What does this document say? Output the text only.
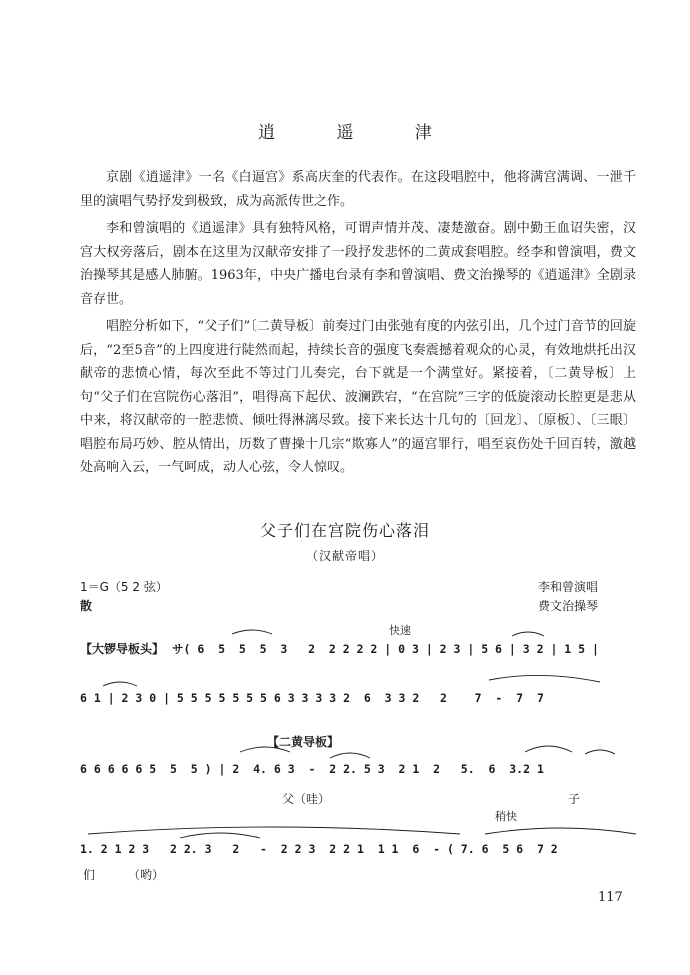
逍 遥 津

京剧《逍遥津》一名《白逼宫》系高庆奎的代表作。在这段唱腔中，他将满宫满调、一泄千里的演唱气势抒发到极致，成为高派传世之作。

李和曾演唱的《逍遥津》具有独特风格，可谓声情并茂、凄楚激奋。剧中勤王血诏失密，汉宫大权旁落后，剧本在这里为汉献帝安排了一段抒发悲怀的二黄成套唱腔。经李和曾演唱，费文治操琴其是感人肺腑。1963年，中央广播电台录有李和曾演唱、费文治操琴的《逍遥津》全剧录音存世。

唱腔分析如下，“父子们”〔二黄导板〕前奏过门由张弛有度的内弦引出，几个过门音节的回旋后，“2至5音”的上四度进行陡然而起，持续长音的强度飞奏震撼着观众的心灵，有效地烘托出汉献帝的悲愤心情，每次至此不等过门儿奏完，台下就是一个满堂好。紧接着，〔二黄导板〕上句“父子们在宫院伤心落泪”，唱得高下起伏、波澜跌宕，“在宫院”三字的低旋滚动长腔更是悲从中来，将汉献帝的一腔悲愤、倾吐得淋漓尽致。接下来长达十几句的〔回龙〕、〔原板〕、〔三眼〕唱腔布局巧妙、腔从情出，历数了曹操十几宗“欺寡人”的逼宫罪行，唱至哀伤处千回百转，激越处高响入云，一气呵成，动人心弦，令人惊叹。

父子们在宫院伤心落泪
（汉献帝唱）
1＝G（5 2 弦）
散
李和曾演唱
费文治操琴
快速
【大锣导板头】 サ( 6  5  5  5  3   2  2 2 2 2 | 0 3 | 2 3 | 5 6 | 3 2 | 1 5 |
6 1 | 2 3 0 | 5 5 5 5 5 5 5 6 3 3 3 3 2  6  3 3 2   2    7  -  7  7
【二黄导板】
6 6 6 6 6 5  5  5 ) | 2  4. 6 3  -  2 2. 5 3  2 1  2   5.  6  3.2 1
父（哇）	子
稍快
1. 2 1 2 3   2 2. 3   2   -  2 2 3  2 2 1  1 1  6  - ( 7. 6  5 6  7 2
们	（哟）
117
